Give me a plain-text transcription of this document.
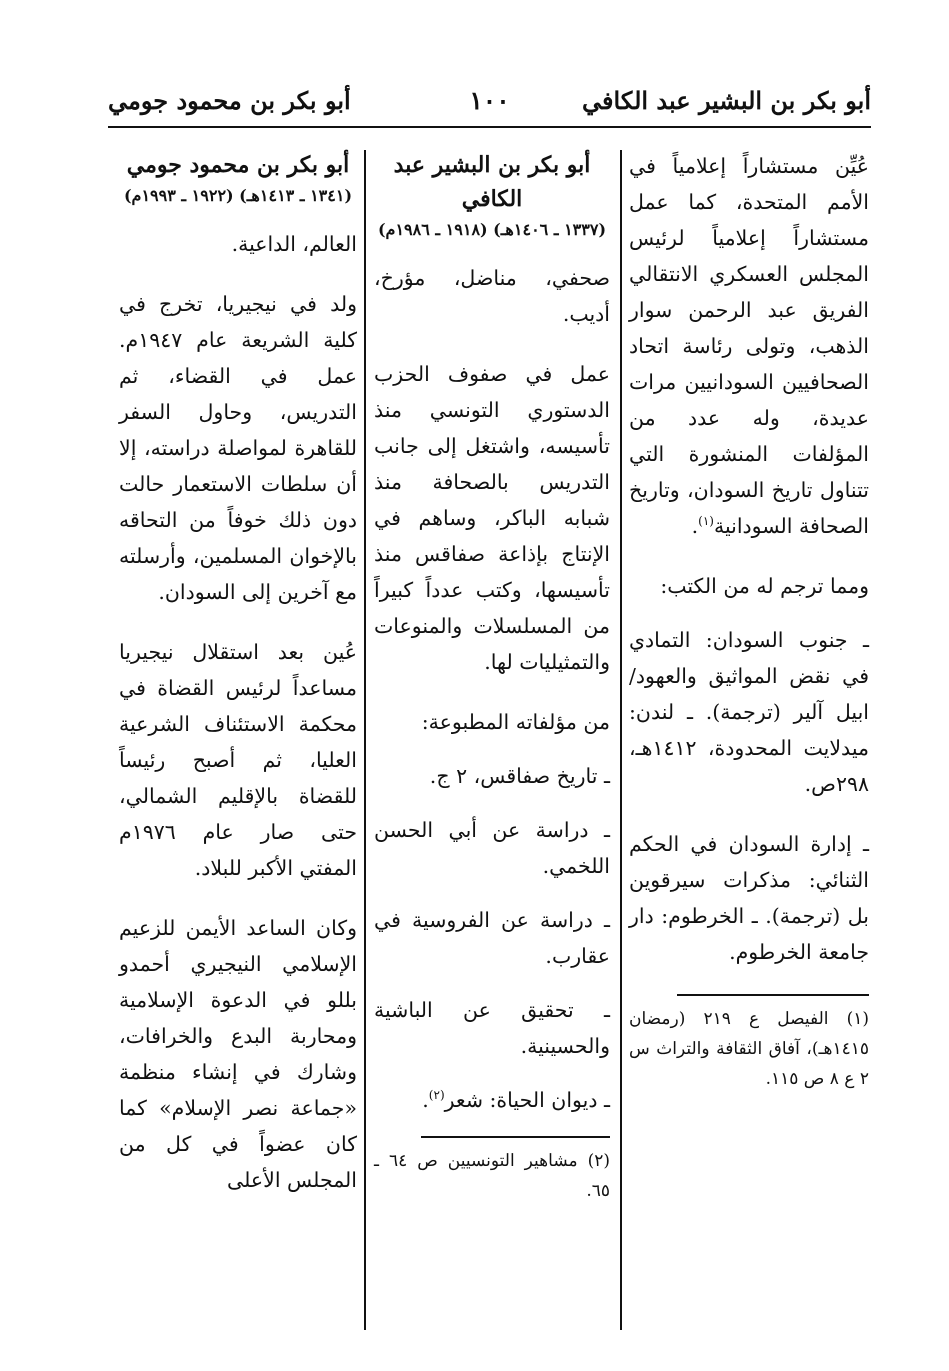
أبو بكر بن البشير عبد الكافي
١٠٠
أبو بكر بن محمود جومي

عُيِّن مستشاراً إعلامياً في الأمم المتحدة، كما عمل مستشاراً إعلامياً لرئيس المجلس العسكري الانتقالي الفريق عبد الرحمن سوار الذهب، وتولى رئاسة اتحاد الصحافيين السودانيين مرات عديدة، وله عدد من المؤلفات المنشورة التي تتناول تاريخ السودان، وتاريخ الصحافة السودانية$^{(١)}$.

ومما ترجم له من الكتب:

ـ جنوب السودان: التمادي في نقض المواثيق والعهود/ ابيل آلير (ترجمة). ـ لندن: ميدلايت المحدودة، ١٤١٢هـ، ٢٩٨ص.

ـ إدارة السودان في الحكم الثنائي: مذكرات سيرقوين بل (ترجمة). ـ الخرطوم: دار جامعة الخرطوم.

(١) الفيصل ع ٢١٩ (رمضان ١٤١٥هـ)، آفاق الثقافة والتراث س ٢ ع ٨ ص ١١٥.
أبو بكر بن البشير عبد الكافي
(١٣٣٧ ـ ١٤٠٦هـ) (١٩١٨ ـ ١٩٨٦م)

صحفي، مناضل، مؤرخ، أديب.

عمل في صفوف الحزب الدستوري التونسي منذ تأسيسه، واشتغل إلى جانب التدريس بالصحافة منذ شبابه الباكر، وساهم في الإنتاج بإذاعة صفاقس منذ تأسيسها، وكتب عدداً كبيراً من المسلسلات والمنوعات والتمثيليات لها.

من مؤلفاته المطبوعة:

ـ تاريخ صفاقس، ٢ ج.

ـ دراسة عن أبي الحسن اللخمي.

ـ دراسة عن الفروسية في عقارب.

ـ تحقيق عن الباشية والحسينية.

ـ ديوان الحياة: شعر$^{(٢)}$.

(٢) مشاهير التونسيين ص ٦٤ ـ ٦٥.
أبو بكر بن محمود جومي
(١٣٤١ ـ ١٤١٣هـ) (١٩٢٢ ـ ١٩٩٣م)

العالم، الداعية.

ولد في نيجيريا، تخرج في كلية الشريعة عام ١٩٤٧م. عمل في القضاء، ثم التدريس، وحاول السفر للقاهرة لمواصلة دراسته، إلا أن سلطات الاستعمار حالت دون ذلك خوفاً من التحاقه بالإخوان المسلمين، وأرسلته مع آخرين إلى السودان.

عُين بعد استقلال نيجيريا مساعداً لرئيس القضاة في محكمة الاستئناف الشرعية العليا، ثم أصبح رئيساً للقضاة بالإقليم الشمالي، حتى صار عام ١٩٧٦م المفتي الأكبر للبلاد.

وكان الساعد الأيمن للزعيم الإسلامي النيجيري أحمدو بللو في الدعوة الإسلامية ومحاربة البدع والخرافات، وشارك في إنشاء منظمة «جماعة نصر الإسلام» كما كان عضواً في كل من المجلس الأعلى
